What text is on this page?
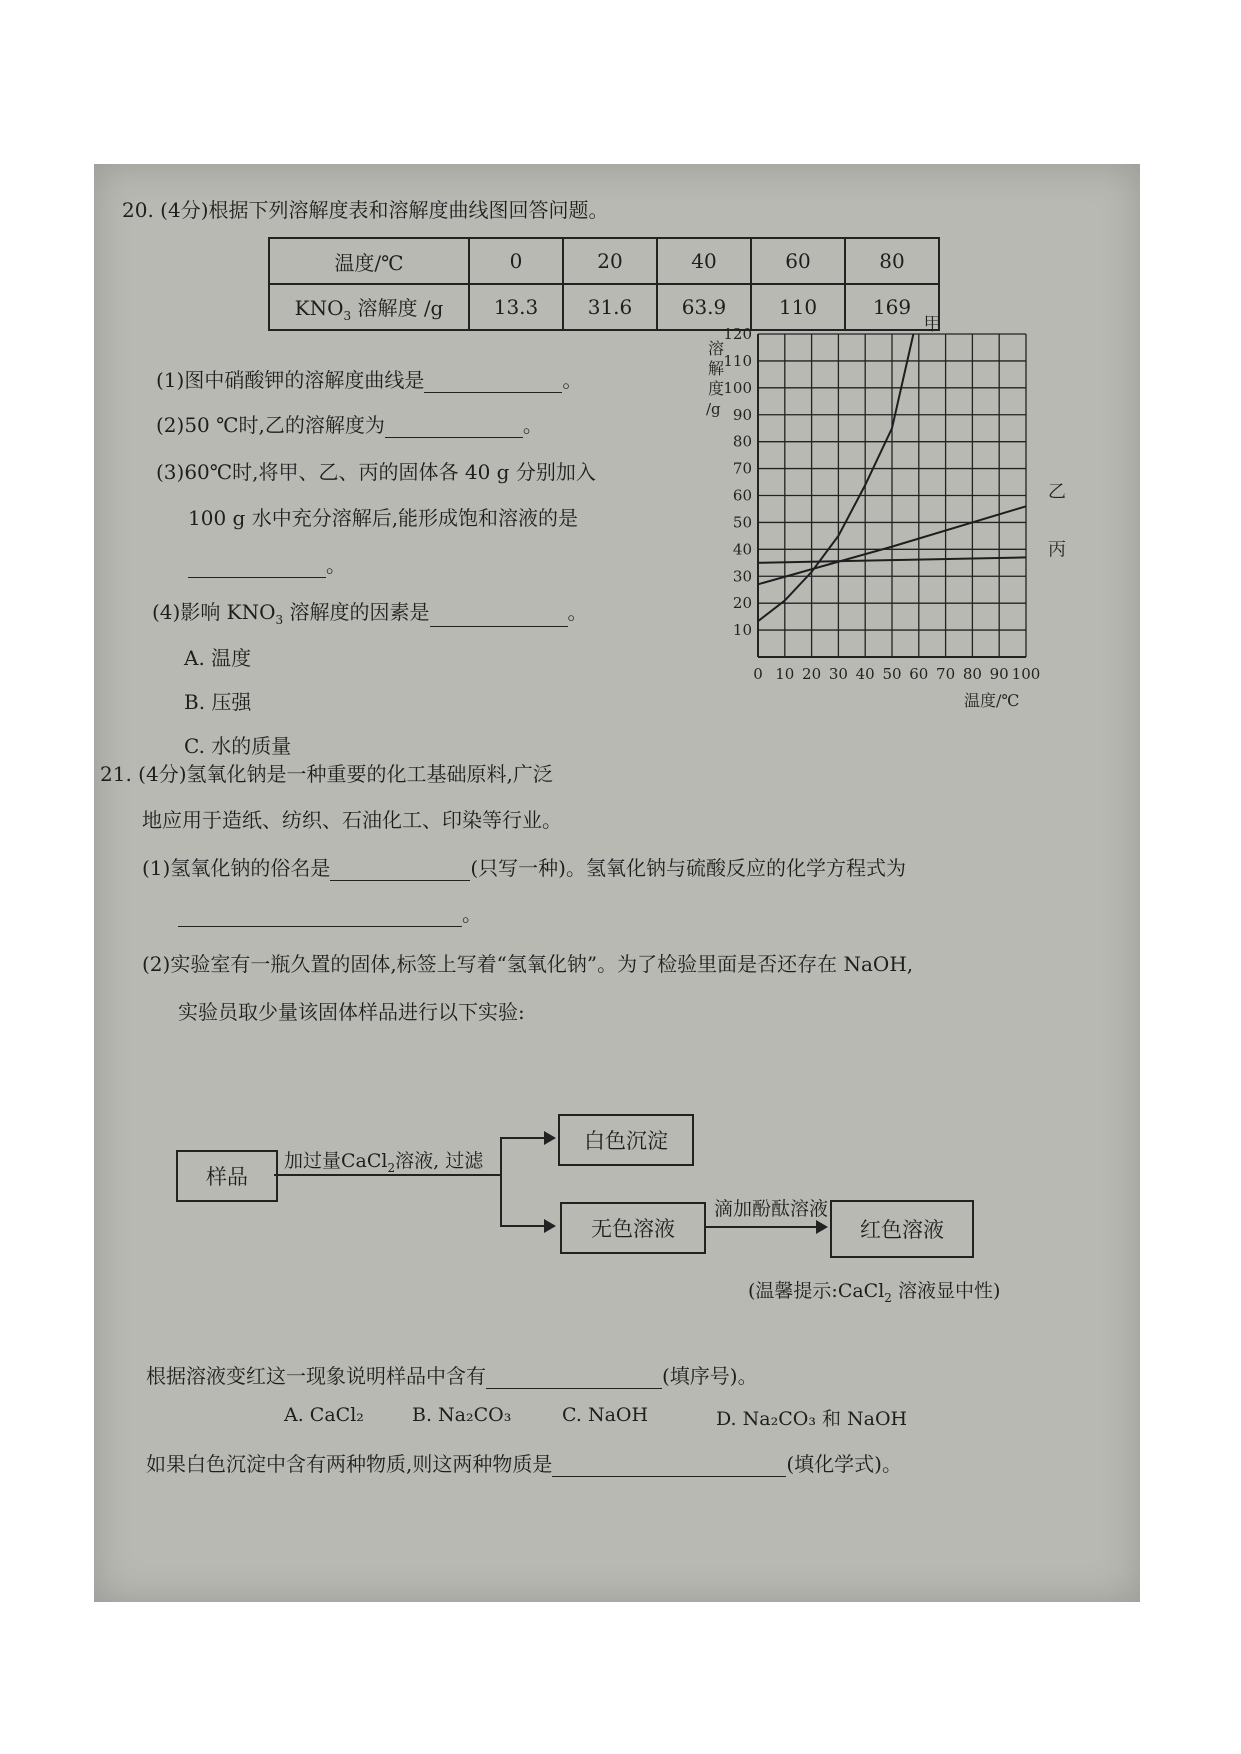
20. (4分)根据下列溶解度表和溶解度曲线图回答问题。
温度/℃	0	20	40	60	80
$KNO_3$ 溶解度 /g	13.3	31.6	63.9	110	169
(1)图中硝酸钾的溶解度曲线是	。
(2)50 ℃时,乙的溶解度为	。
(3)60℃时,将甲、乙、丙的固体各 40 g 分别加入
100 g 水中充分溶解后,能形成饱和溶液的是
。
(4)影响 $KNO_3$ 溶解度的因素是	。
A. 温度
B. 压强
C. 水的质量
0 10 20 30 40 50 60 70 80 90 100
10
20
30
40
50
60
70
80
90
100
110
120	甲
乙
丙
溶
解
度
/g
温度/℃
21. (4分)氢氧化钠是一种重要的化工基础原料,广泛
地应用于造纸、纺织、石油化工、印染等行业。
(1)氢氧化钠的俗名是	(只写一种)。氢氧化钠与硫酸反应的化学方程式为
。
(2)实验室有一瓶久置的固体,标签上写着“氢氧化钠”。为了检验里面是否还存在 NaOH,
实验员取少量该固体样品进行以下实验:
样品
加过量CaCl$_2$溶液, 过滤
白色沉淀
无色溶液
滴加酚酞溶液
红色溶液
(温馨提示:CaCl$_2$ 溶液显中性)
根据溶液变红这一现象说明样品中含有	(填序号)。
A. CaCl₂	B. Na₂CO₃	C. NaOH	D. Na₂CO₃ 和 NaOH
如果白色沉淀中含有两种物质,则这两种物质是	(填化学式)。
